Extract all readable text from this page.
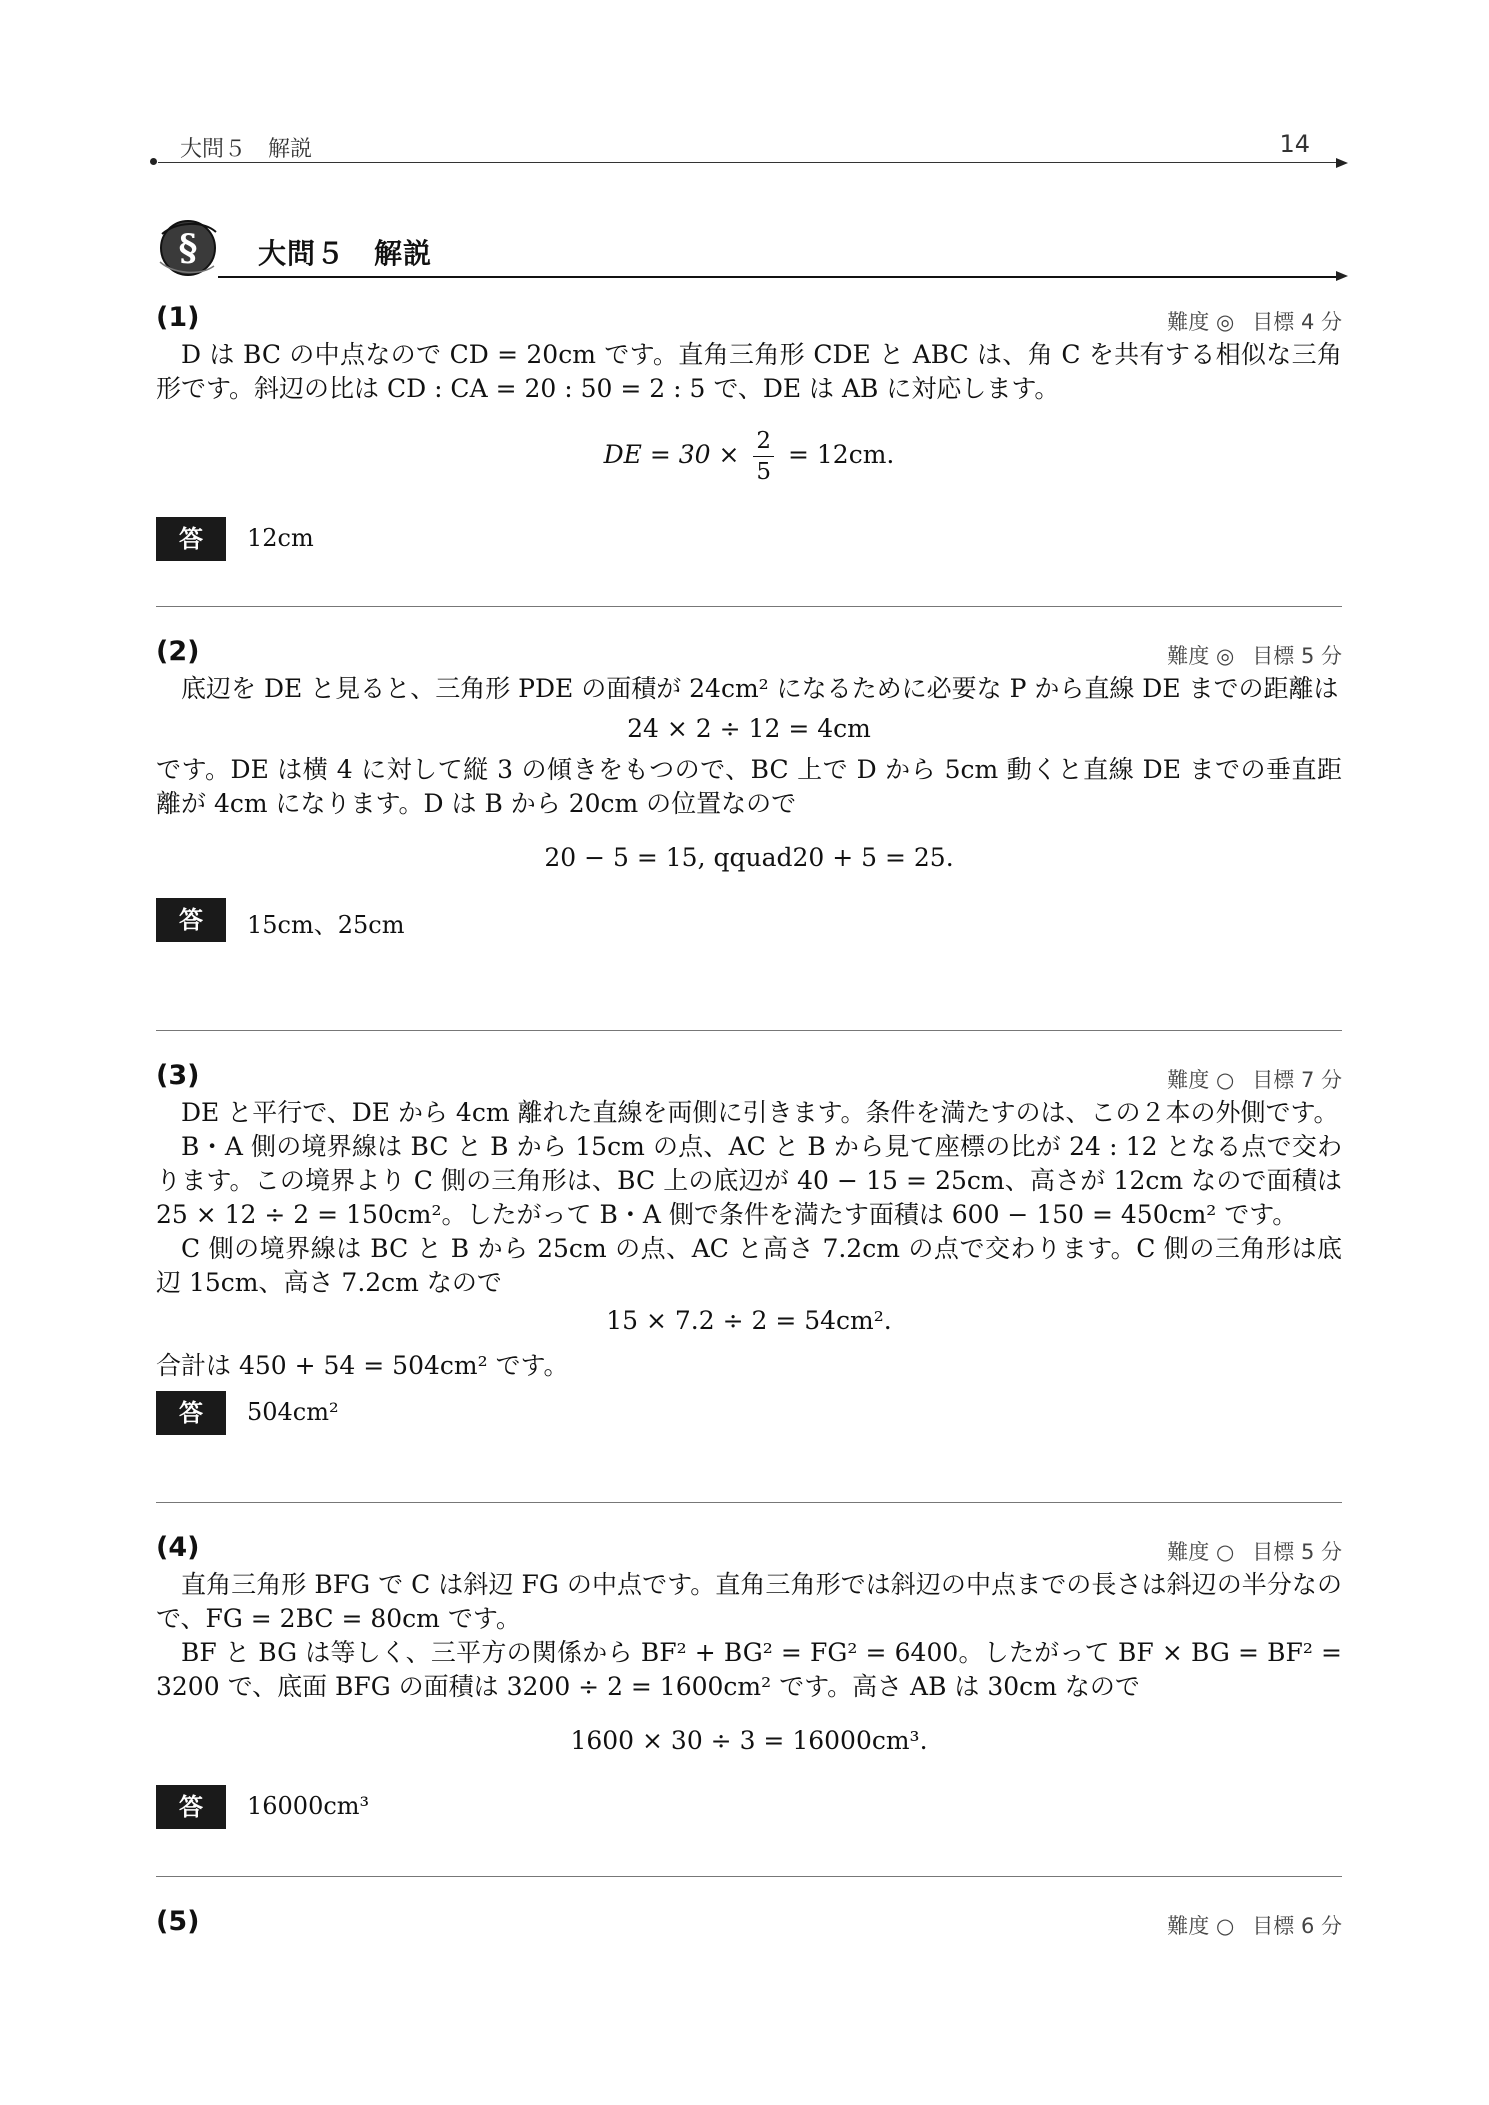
大問５　解説	14
§ 大問５　解説
(1)	難度 ◎ 目標 4 分

D は BC の中点なので CD = 20cm です。直角三角形 CDE と ABC は、角 C を共有する相似な三角形です。斜辺の比は CD : CA = 20 : 50 = 2 : 5 で、DE は AB に対応します。

DE = $30 \times \frac{2}{5} = 12cm$.
答	12cm
(2)	難度 ◎ 目標 5 分

底辺を DE と見ると、三角形 PDE の面積が 24cm² になるために必要な P から直線 DE までの距離は

24 × 2 ÷ 12 = 4cm

です。DE は横 4 に対して縦 3 の傾きをもつので、BC 上で D から 5cm 動くと直線 DE までの垂直距離が 4cm になります。D は B から 20cm の位置なので

20 − 5 = 15, qquad20 + 5 = 25.
答	15cm、25cm
(3)	難度 ○ 目標 7 分

DE と平行で、DE から 4cm 離れた直線を両側に引きます。条件を満たすのは、この２本の外側です。

B・A 側の境界線は BC と B から 15cm の点、AC と B から見て座標の比が 24 : 12 となる点で交わります。この境界より C 側の三角形は、BC 上の底辺が 40 − 15 = 25cm、高さが 12cm なので面積は 25 × 12 ÷ 2 = 150cm²。したがって B・A 側で条件を満たす面積は 600 − 150 = 450cm² です。

C 側の境界線は BC と B から 25cm の点、AC と高さ 7.2cm の点で交わります。C 側の三角形は底辺 15cm、高さ 7.2cm なので

15 × 7.2 ÷ 2 = 54cm².

合計は 450 + 54 = 504cm² です。

答	504cm²
(4)	難度 ○ 目標 5 分

直角三角形 BFG で C は斜辺 FG の中点です。直角三角形では斜辺の中点までの長さは斜辺の半分なので、FG = 2BC = 80cm です。

BF と BG は等しく、三平方の関係から BF² + BG² = FG² = 6400。したがって BF × BG = BF² = 3200 で、底面 BFG の面積は 3200 ÷ 2 = 1600cm² です。高さ AB は 30cm なので

1600 × 30 ÷ 3 = 16000cm³.
答	16000cm³
(5)	難度 ○ 目標 6 分
